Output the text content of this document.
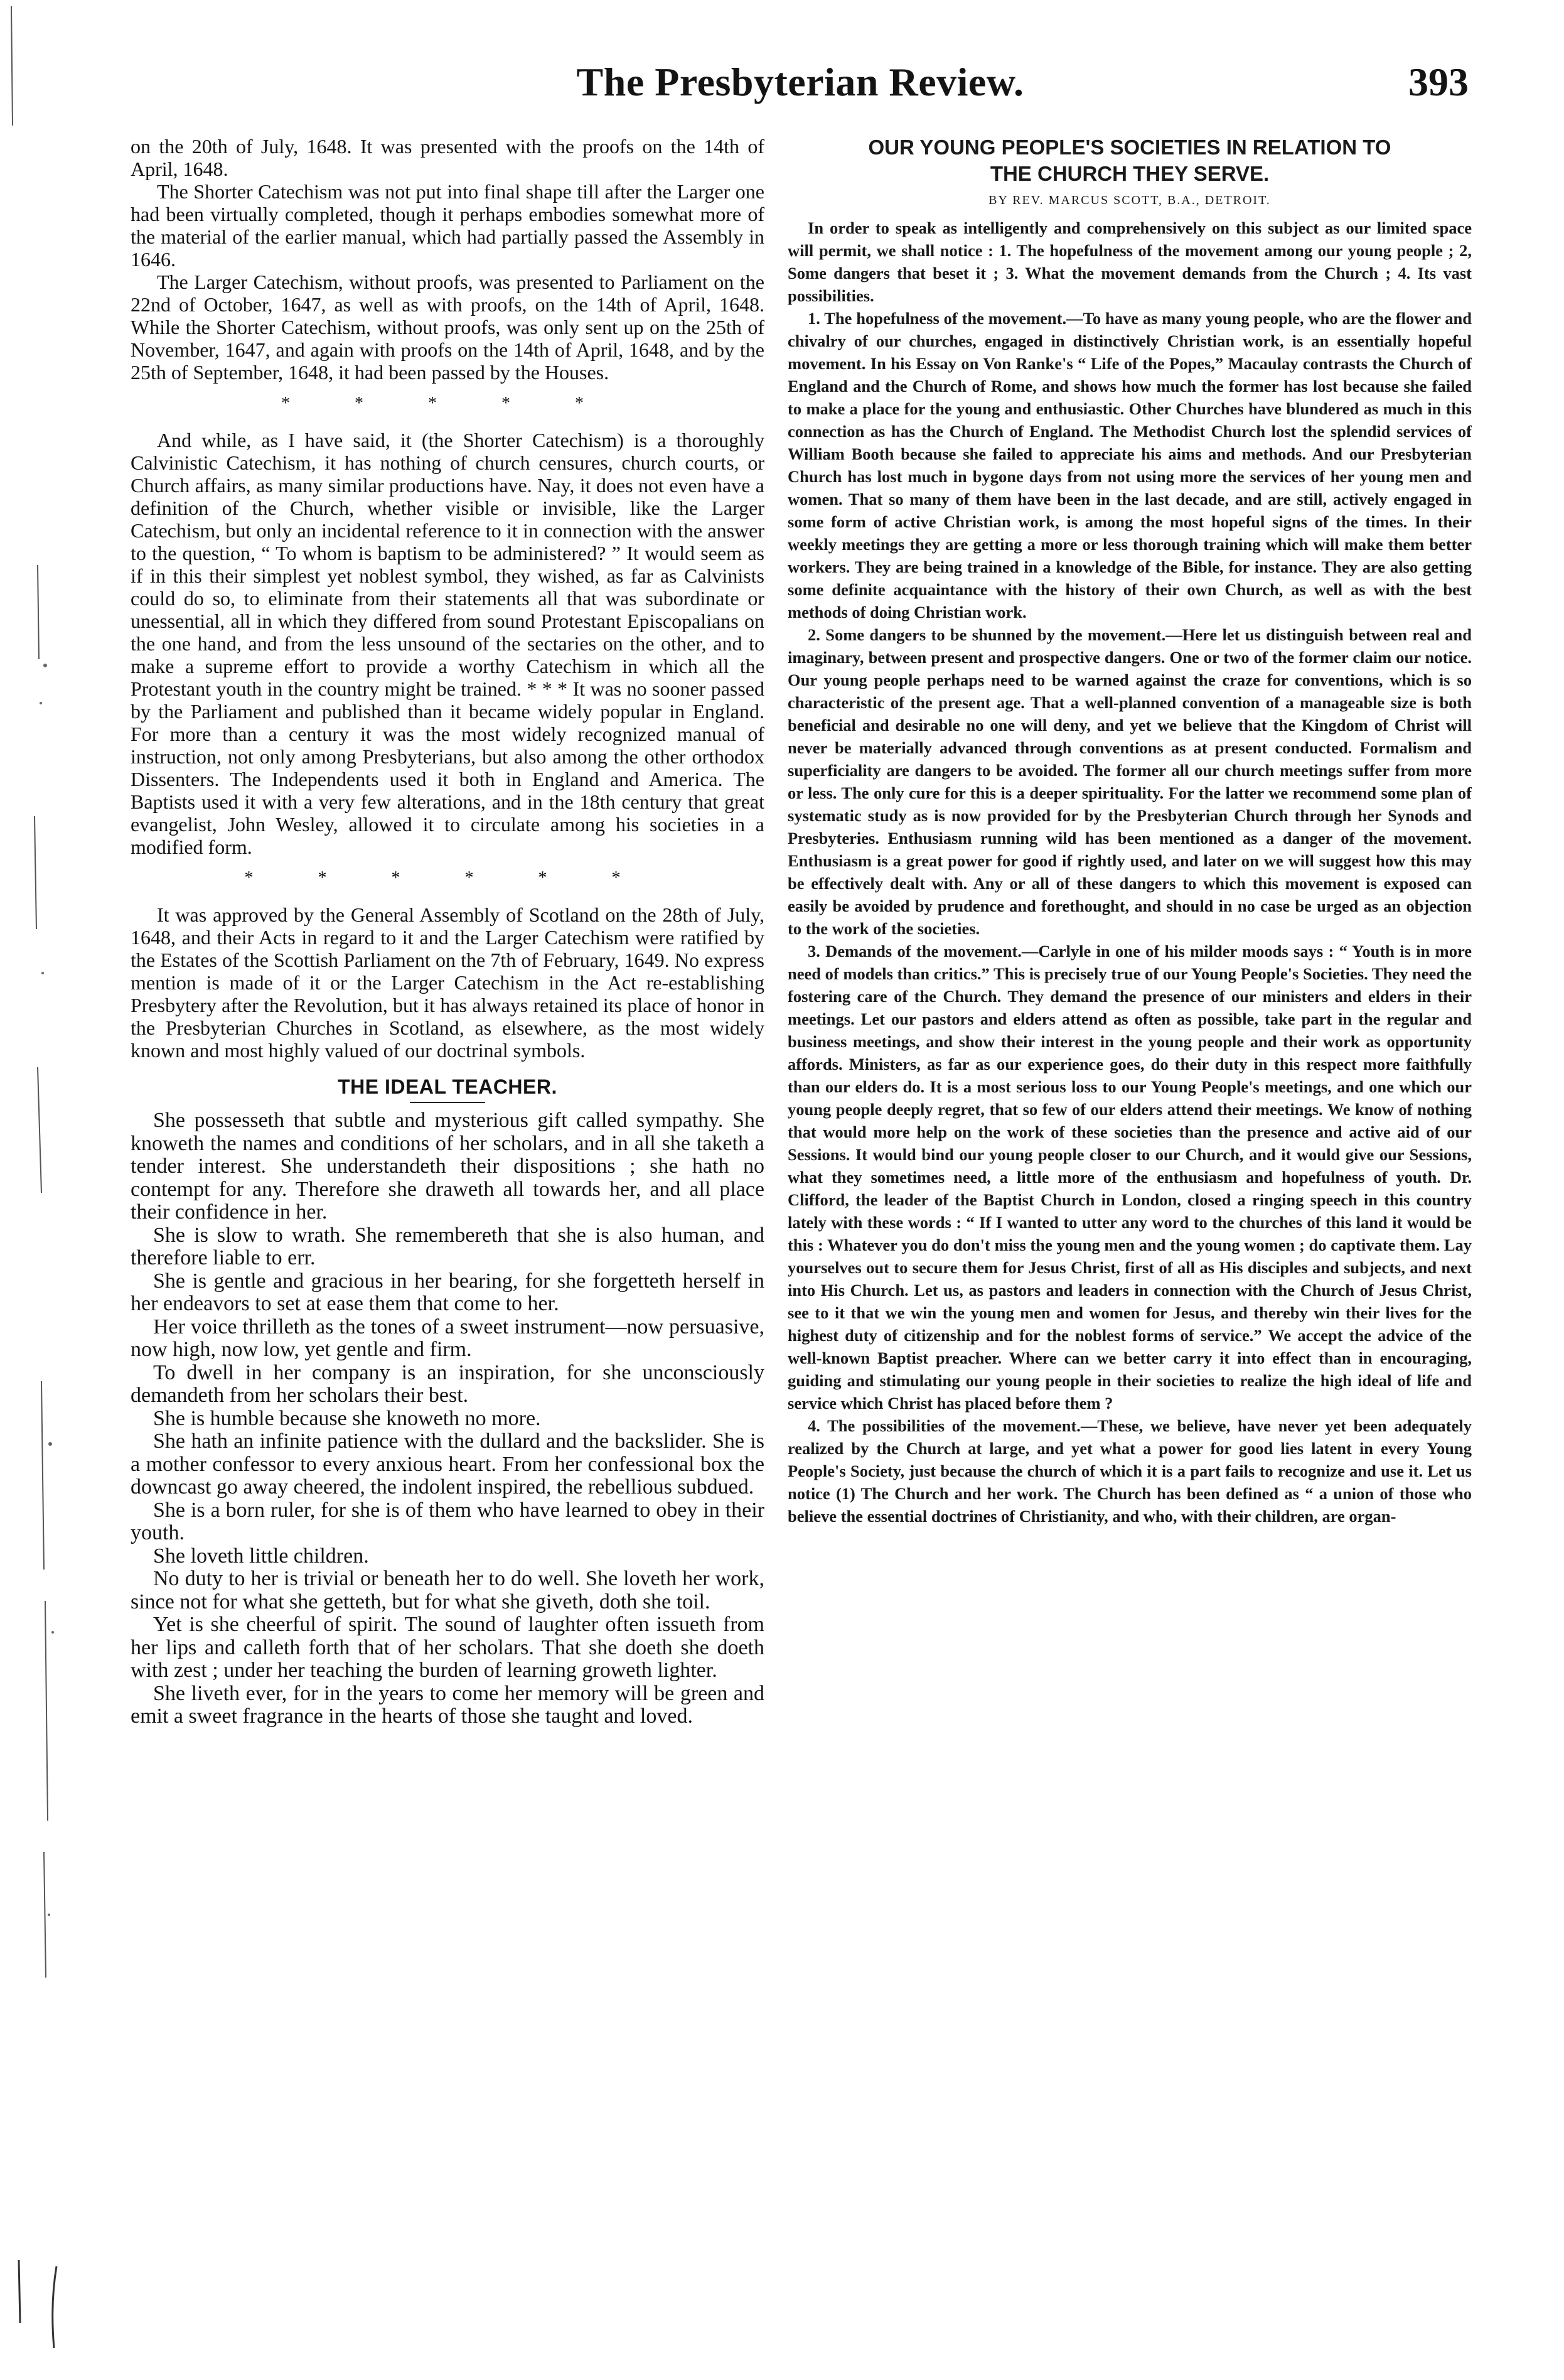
The Presbyterian Review.	393

on the 20th of July, 1648. It was presented with the proofs on the 14th of April, 1648.

The Shorter Catechism was not put into final shape till after the Larger one had been virtually completed, though it perhaps embodies somewhat more of the material of the earlier manual, which had partially passed the Assembly in 1646.

The Larger Catechism, without proofs, was presented to Parliament on the 22nd of October, 1647, as well as with proofs, on the 14th of April, 1648. While the Shorter Catechism, without proofs, was only sent up on the 25th of November, 1647, and again with proofs on the 14th of April, 1648, and by the 25th of September, 1648, it had been passed by the Houses.

* * * * *

And while, as I have said, it (the Shorter Catechism) is a thoroughly Calvinistic Catechism, it has nothing of church censures, church courts, or Church affairs, as many similar productions have. Nay, it does not even have a definition of the Church, whether visible or invisible, like the Larger Catechism, but only an incidental reference to it in connection with the answer to the question, “ To whom is baptism to be administered? ” It would seem as if in this their simplest yet noblest symbol, they wished, as far as Calvinists could do so, to eliminate from their statements all that was subordinate or unessential, all in which they differed from sound Protestant Episcopalians on the one hand, and from the less unsound of the sectaries on the other, and to make a supreme effort to provide a worthy Catechism in which all the Protestant youth in the country might be trained. * * * It was no sooner passed by the Parliament and published than it became widely popular in England. For more than a century it was the most widely recognized manual of instruction, not only among Presbyterians, but also among the other orthodox Dissenters. The Independents used it both in England and America. The Baptists used it with a very few alterations, and in the 18th century that great evangelist, John Wesley, allowed it to circulate among his societies in a modified form.

* * * * * *

It was approved by the General Assembly of Scotland on the 28th of July, 1648, and their Acts in regard to it and the Larger Catechism were ratified by the Estates of the Scottish Parliament on the 7th of February, 1649. No express mention is made of it or the Larger Catechism in the Act re-establishing Presbytery after the Revolution, but it has always retained its place of honor in the Presbyterian Churches in Scotland, as elsewhere, as the most widely known and most highly valued of our doctrinal symbols.

THE IDEAL TEACHER.

She possesseth that subtle and mysterious gift called sympathy. She knoweth the names and conditions of her scholars, and in all she taketh a tender interest. She understandeth their dispositions ; she hath no contempt for any. Therefore she draweth all towards her, and all place their confidence in her.

She is slow to wrath. She remembereth that she is also human, and therefore liable to err.

She is gentle and gracious in her bearing, for she forgetteth herself in her endeavors to set at ease them that come to her.

Her voice thrilleth as the tones of a sweet instrument—now persuasive, now high, now low, yet gentle and firm.

To dwell in her company is an inspiration, for she unconsciously demandeth from her scholars their best.

She is humble because she knoweth no more.

She hath an infinite patience with the dullard and the backslider. She is a mother confessor to every anxious heart. From her confessional box the downcast go away cheered, the indolent inspired, the rebellious subdued.

She is a born ruler, for she is of them who have learned to obey in their youth.

She loveth little children.

No duty to her is trivial or beneath her to do well. She loveth her work, since not for what she getteth, but for what she giveth, doth she toil.

Yet is she cheerful of spirit. The sound of laughter often issueth from her lips and calleth forth that of her scholars. That she doeth she doeth with zest ; under her teaching the burden of learning groweth lighter.

She liveth ever, for in the years to come her memory will be green and emit a sweet fragrance in the hearts of those she taught and loved.

OUR YOUNG PEOPLE'S SOCIETIES IN RELATION TO
THE CHURCH THEY SERVE.
BY REV. MARCUS SCOTT, B.A., DETROIT.

In order to speak as intelligently and comprehensively on this subject as our limited space will permit, we shall notice : 1. The hopefulness of the movement among our young people ; 2, Some dangers that beset it ; 3. What the movement demands from the Church ; 4. Its vast possibilities.

1. The hopefulness of the movement.—To have as many young people, who are the flower and chivalry of our churches, engaged in distinctively Christian work, is an essentially hopeful movement. In his Essay on Von Ranke's “ Life of the Popes,” Macaulay contrasts the Church of England and the Church of Rome, and shows how much the former has lost because she failed to make a place for the young and enthusiastic. Other Churches have blundered as much in this connection as has the Church of England. The Methodist Church lost the splendid services of William Booth because she failed to appreciate his aims and methods. And our Presbyterian Church has lost much in bygone days from not using more the services of her young men and women. That so many of them have been in the last decade, and are still, actively engaged in some form of active Christian work, is among the most hopeful signs of the times. In their weekly meetings they are getting a more or less thorough training which will make them better workers. They are being trained in a knowledge of the Bible, for instance. They are also getting some definite acquaintance with the history of their own Church, as well as with the best methods of doing Christian work.

2. Some dangers to be shunned by the movement.—Here let us distinguish between real and imaginary, between present and prospective dangers. One or two of the former claim our notice. Our young people perhaps need to be warned against the craze for conventions, which is so characteristic of the present age. That a well-planned convention of a manageable size is both beneficial and desirable no one will deny, and yet we believe that the Kingdom of Christ will never be materially advanced through conventions as at present conducted. Formalism and superficiality are dangers to be avoided. The former all our church meetings suffer from more or less. The only cure for this is a deeper spirituality. For the latter we recommend some plan of systematic study as is now provided for by the Presbyterian Church through her Synods and Presbyteries. Enthusiasm running wild has been mentioned as a danger of the movement. Enthusiasm is a great power for good if rightly used, and later on we will suggest how this may be effectively dealt with. Any or all of these dangers to which this movement is exposed can easily be avoided by prudence and forethought, and should in no case be urged as an objection to the work of the societies.

3. Demands of the movement.—Carlyle in one of his milder moods says : “ Youth is in more need of models than critics.” This is precisely true of our Young People's Societies. They need the fostering care of the Church. They demand the presence of our ministers and elders in their meetings. Let our pastors and elders attend as often as possible, take part in the regular and business meetings, and show their interest in the young people and their work as opportunity affords. Ministers, as far as our experience goes, do their duty in this respect more faithfully than our elders do. It is a most serious loss to our Young People's meetings, and one which our young people deeply regret, that so few of our elders attend their meetings. We know of nothing that would more help on the work of these societies than the presence and active aid of our Sessions. It would bind our young people closer to our Church, and it would give our Sessions, what they sometimes need, a little more of the enthusiasm and hopefulness of youth. Dr. Clifford, the leader of the Baptist Church in London, closed a ringing speech in this country lately with these words : “ If I wanted to utter any word to the churches of this land it would be this : Whatever you do don't miss the young men and the young women ; do captivate them. Lay yourselves out to secure them for Jesus Christ, first of all as His disciples and subjects, and next into His Church. Let us, as pastors and leaders in connection with the Church of Jesus Christ, see to it that we win the young men and women for Jesus, and thereby win their lives for the highest duty of citizenship and for the noblest forms of service.” We accept the advice of the well-known Baptist preacher. Where can we better carry it into effect than in encouraging, guiding and stimulating our young people in their societies to realize the high ideal of life and service which Christ has placed before them ?

4. The possibilities of the movement.—These, we believe, have never yet been adequately realized by the Church at large, and yet what a power for good lies latent in every Young People's Society, just because the church of which it is a part fails to recognize and use it. Let us notice (1) The Church and her work. The Church has been defined as “ a union of those who believe the essential doctrines of Christianity, and who, with their children, are organ-
